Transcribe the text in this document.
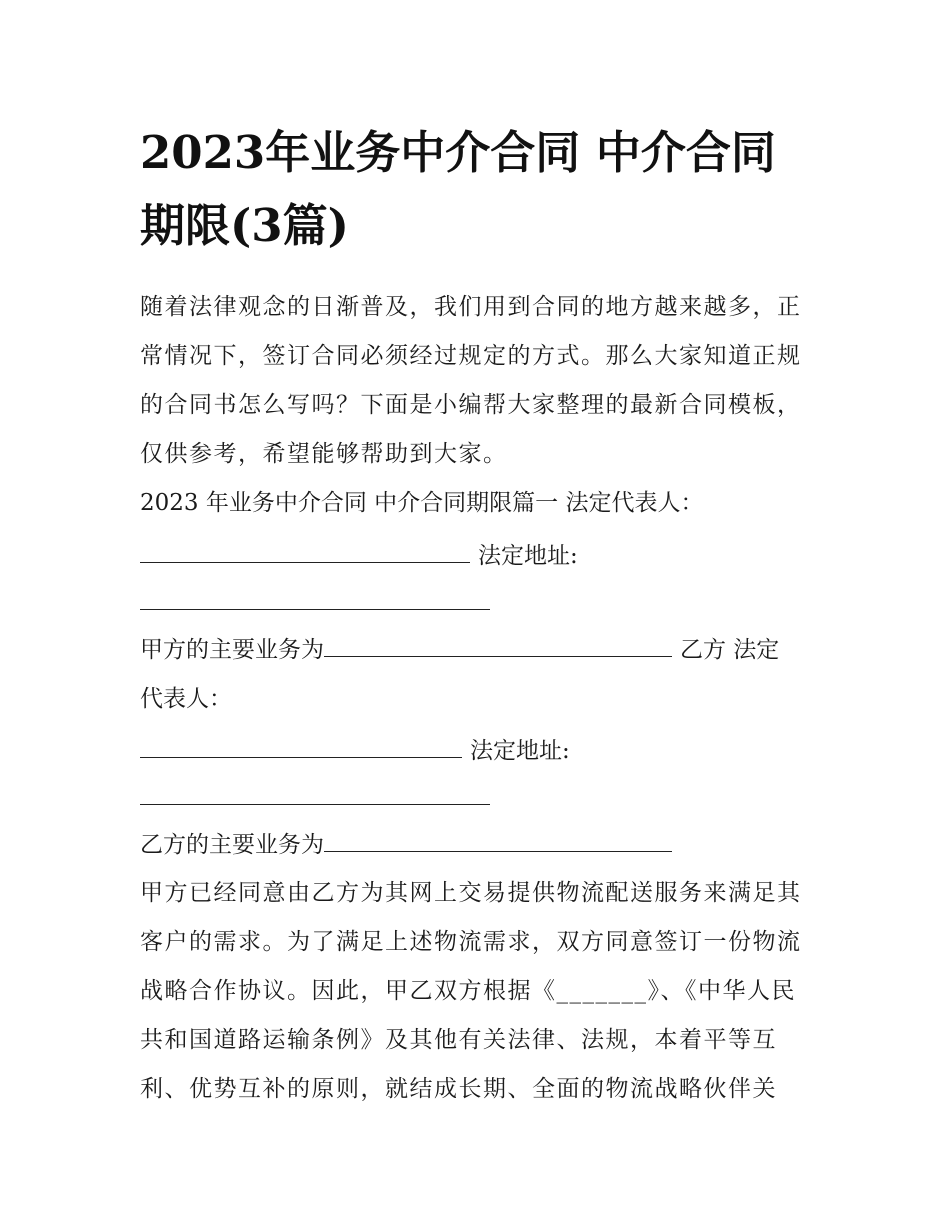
2023年业务中介合同 中介合同期限(3篇)

随着法律观念的日渐普及，我们用到合同的地方越来越多，正常情况下，签订合同必须经过规定的方式。那么大家知道正规的合同书怎么写吗？下面是小编帮大家整理的最新合同模板，仅供参考，希望能够帮助到大家。

2023 年业务中介合同 中介合同期限篇一 法定代表人：

法定地址:

甲方的主要业务为	乙方 法定

代表人：

法定地址:

乙方的主要业务为

甲方已经同意由乙方为其网上交易提供物流配送服务来满足其客户的需求。为了满足上述物流需求，双方同意签订一份物流战略合作协议。因此，甲乙双方根据《_______》、《中华人民共和国道路运输条例》及其他有关法律、法规，本着平等互利、优势互补的原则，就结成长期、全面的物流战略伙伴关
